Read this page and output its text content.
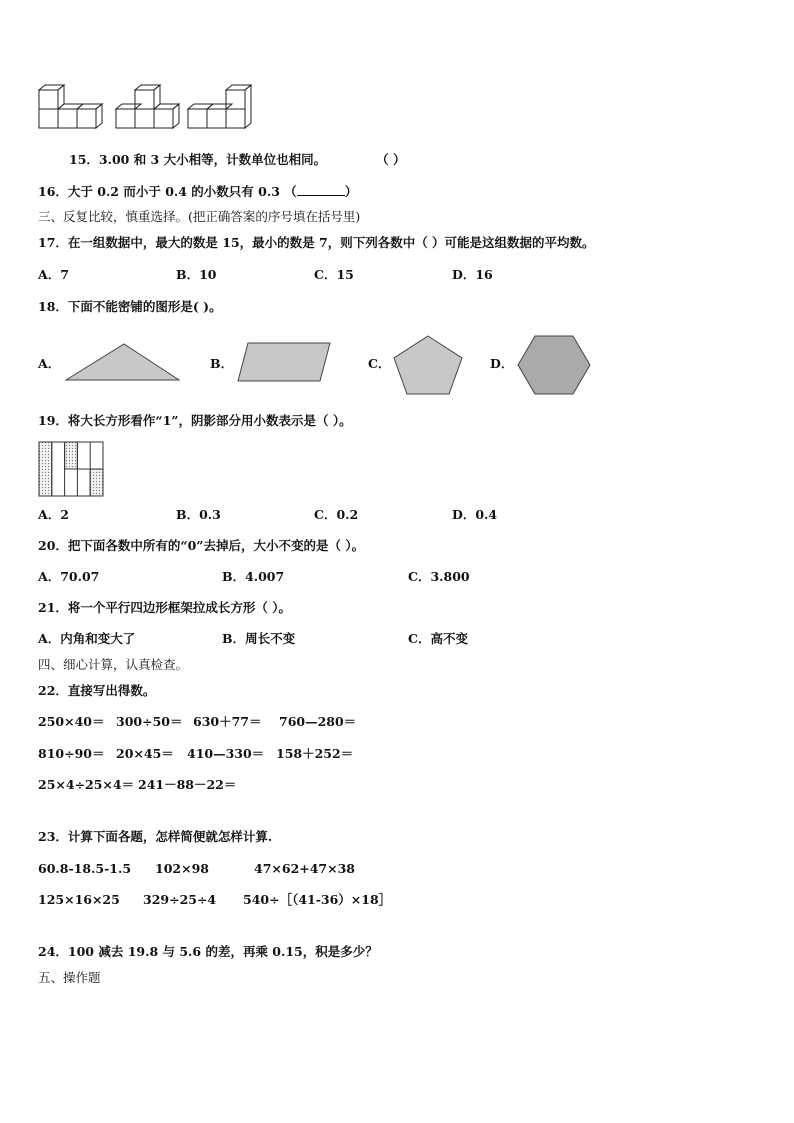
15．3.00 和 3 大小相等，计数单位也相同。	（ ）
16．大于 0.2 而小于 0.4 的小数只有 0.3 （	）
三、反复比较，慎重选择。(把正确答案的序号填在括号里)
17．在一组数据中，最大的数是 15，最小的数是 7，则下列各数中（ ）可能是这组数据的平均数。
A．7	B．10	C．15	D．16
18．下面不能密铺的图形是( )。
A．	B．	C．	D．
19．将大长方形看作“1”，阴影部分用小数表示是（ ）。
A．2	B．0.3	C．0.2	D．0.4
20．把下面各数中所有的“0”去掉后，大小不变的是（ ）。
A．70.07	B．4.007	C．3.800
21．将一个平行四边形框架拉成长方形（ ）。
A．内角和变大了	B．周长不变	C．高不变
四、细心计算，认真检查。
22．直接写出得数。
250×40＝ 300÷50＝ 630＋77＝ 760—280＝
810÷90＝ 20×45＝ 410—330＝ 158＋252＝
25×4÷25×4＝ 241－88－22＝
23．计算下面各题，怎样简便就怎样计算.
60.8-18.5-1.5 102×98	47×62+47×38
125×16×25 329÷25÷4 540÷［（41-36）×18］
24．100 减去 19.8 与 5.6 的差，再乘 0.15，积是多少？
五、操作题
